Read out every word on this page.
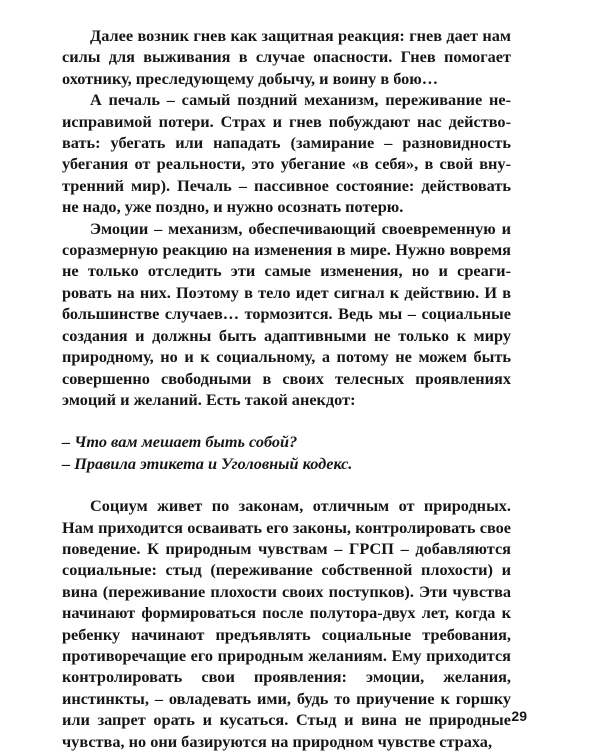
Далее возник гнев как защитная реакция: гнев дает нам силы для выживания в случае опасности. Гнев помогает охотнику, преследующему добычу, и воину в бою…

А печаль – самый поздний механизм, переживание неисправимой потери. Страх и гнев побуждают нас действовать: убегать или нападать (замирание – разновидность убегания от реальности, это убегание «в себя», в свой внутренний мир). Печаль – пассивное состояние: действовать не надо, уже поздно, и нужно осознать потерю.

Эмоции – механизм, обеспечивающий своевременную и соразмерную реакцию на изменения в мире. Нужно вовремя не только отследить эти самые изменения, но и среагировать на них. Поэтому в тело идет сигнал к действию. И в большинстве случаев… тормозится. Ведь мы – социальные создания и должны быть адаптивными не только к миру природному, но и к социальному, а потому не можем быть совершенно свободными в своих телесных проявлениях эмоций и желаний. Есть такой анекдот:

– Что вам мешает быть собой?

– Правила этикета и Уголовный кодекс.

Социум живет по законам, отличным от природных. Нам приходится осваивать его законы, контролировать свое поведение. К природным чувствам – ГРСП – добавляются социальные: стыд (переживание собственной плохости) и вина (переживание плохости своих поступков). Эти чувства начинают формироваться после полутора-двух лет, когда к ребенку начинают предъявлять социальные требования, противоречащие его природным желаниям. Ему приходится контролировать свои проявления: эмоции, желания, инстинкты, – овладевать ими, будь то приучение к горшку или запрет орать и кусаться. Стыд и вина не природные чувства, но они базируются на природном чувстве страха,

29
